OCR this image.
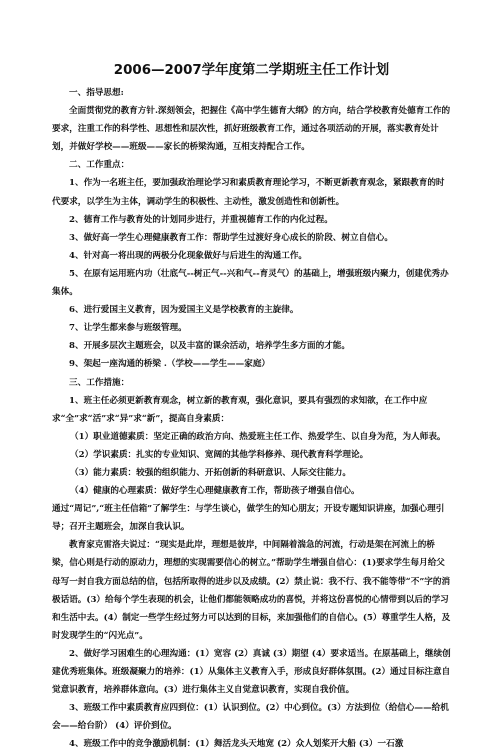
2006—2007学年度第二学期班主任工作计划

一、指导思想:

全面贯彻党的教育方针.深刻领会，把握住《高中学生德育大纲》的方向，结合学校教育处德育工作的要求，注重工作的科学性、思想性和层次性，抓好班级教育工作，通过各项活动的开展，落实教育处计划，并做好学校——班级——家长的桥梁沟通，互相支持配合工作。

二、工作重点：

1、作为一名班主任，要加强政治理论学习和素质教育理论学习，不断更新教育观念，紧跟教育的时代要求，以学生为主体，调动学生的积极性、主动性，激发创造性和创新性。

2、德育工作与教育处的计划同步进行，并重视德育工作的内化过程。

3、做好高一学生心理健康教育工作：帮助学生过渡好身心成长的阶段、树立自信心。

4、针对高一将出现的两极分化现象做好与后进生的沟通工作。

5、在原有运用班内功（壮底气--树正气--兴和气--育灵气）的基础上，增强班级内聚力，创建优秀办集体。

6、进行爱国主义教育，因为爱国主义是学校教育的主旋律。

7、让学生都来参与班级管理。

8、开展多层次主题班会，以及丰富的课余活动，培养学生多方面的才能。

9、架起一座沟通的桥梁 .（学校——学生——家庭）

三、工作措施：

1、班主任必须更新教育观念，树立新的教育观，强化意识，要具有强烈的求知欲，在工作中应求“全”求“活”求“异”求“新”，提高自身素质：

（1）职业道德素质：坚定正确的政治方向、热爱班主任工作、热爱学生、以自身为范，为人师表。

（2）学识素质：扎实的专业知识、宽阔的其他学科修养、现代教育科学理论。

（3）能力素质：较强的组织能力、开拓创新的科研意识、人际交往能力。

（4）健康的心理素质：做好学生心理健康教育工作，帮助孩子增强自信心。

通过“周记”,“班主任信箱”了解学生：与学生谈心，做学生的知心朋友；开设专题知识讲座，加强心理引导；召开主题班会，加深自我认识。

教育家克雷洛夫说过：“现实是此岸，理想是彼岸，中间隔着湍急的河流，行动是架在河流上的桥梁，信心则是行动的原动力，理想的实现需要信心的树立。”帮助学生增强自信心：(1)要求学生每月给父母写一封自我方面总结的信，包括所取得的进步以及成绩。(2）禁止说：我不行、我不能等带“不”字的消极话语。(3）给每个学生表现的机会，让他们都能领略成功的喜悦，并将这份喜悦的心情带到以后的学习和生活中去。(4）制定一些学生经过努力可以达到的目标，来加强他们的自信心。(5）尊重学生人格，及时发现学生的“闪光点”。

2、做好学习困难生的心理沟通：(1）宽容 (2）真诚 (3）期望 (4）要求适当。在原基础上，继续创建优秀班集体。班级凝聚力的培养：(1）从集体主义教育入手，形成良好群体氛围。(2）通过目标注意自觉意识教育，培养群体意向。(3）进行集体主义自觉意识教育，实现自我价值。

3、班级工作中素质教育应四到位：(1）认识到位。(2）中心到位。(3）方法到位（给信心——给机会——给台阶） (4）评价到位。

4、班级工作中的竞争激励机制：(1）舞活龙头天地宽 (2）众人划桨开大船 (3）一石激
